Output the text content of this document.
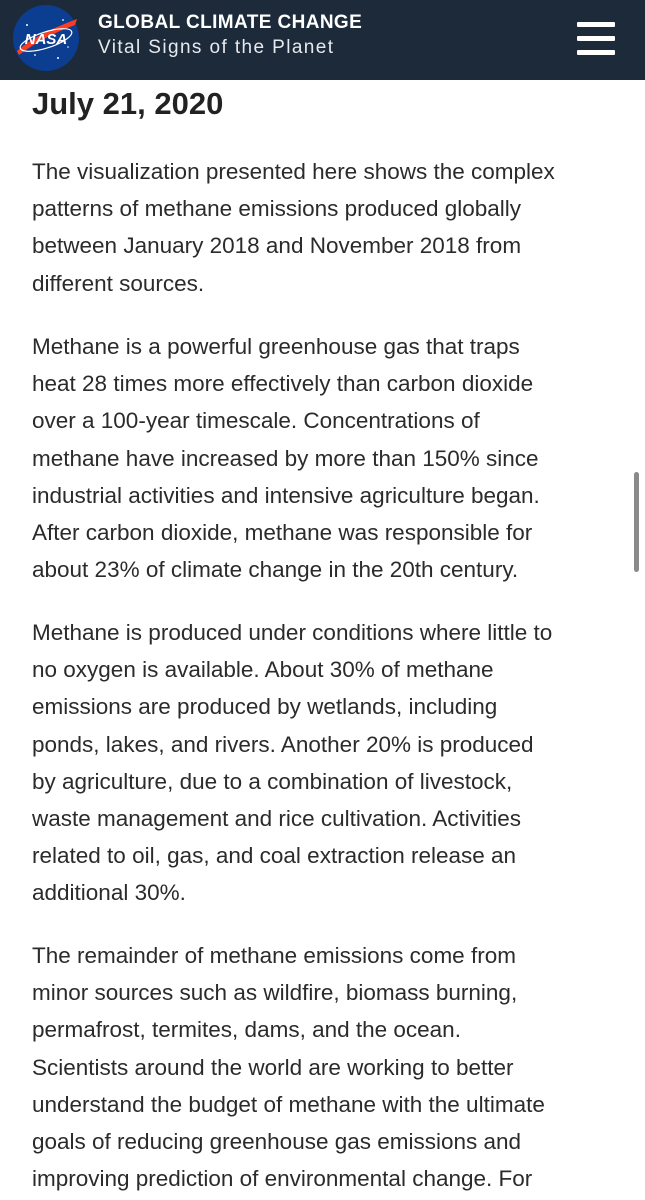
NASA
GLOBAL CLIMATE CHANGE
Vital Signs of the Planet
July 21, 2020

The visualization presented here shows the complex
patterns of methane emissions produced globally
between January 2018 and November 2018 from
different sources.

Methane is a powerful greenhouse gas that traps
heat 28 times more effectively than carbon dioxide
over a 100-year timescale. Concentrations of
methane have increased by more than 150% since
industrial activities and intensive agriculture began.
After carbon dioxide, methane was responsible for
about 23% of climate change in the 20th century.

Methane is produced under conditions where little to
no oxygen is available. About 30% of methane
emissions are produced by wetlands, including
ponds, lakes, and rivers. Another 20% is produced
by agriculture, due to a combination of livestock,
waste management and rice cultivation. Activities
related to oil, gas, and coal extraction release an
additional 30%.

The remainder of methane emissions come from
minor sources such as wildfire, biomass burning,
permafrost, termites, dams, and the ocean.
Scientists around the world are working to better
understand the budget of methane with the ultimate
goals of reducing greenhouse gas emissions and
improving prediction of environmental change. For
